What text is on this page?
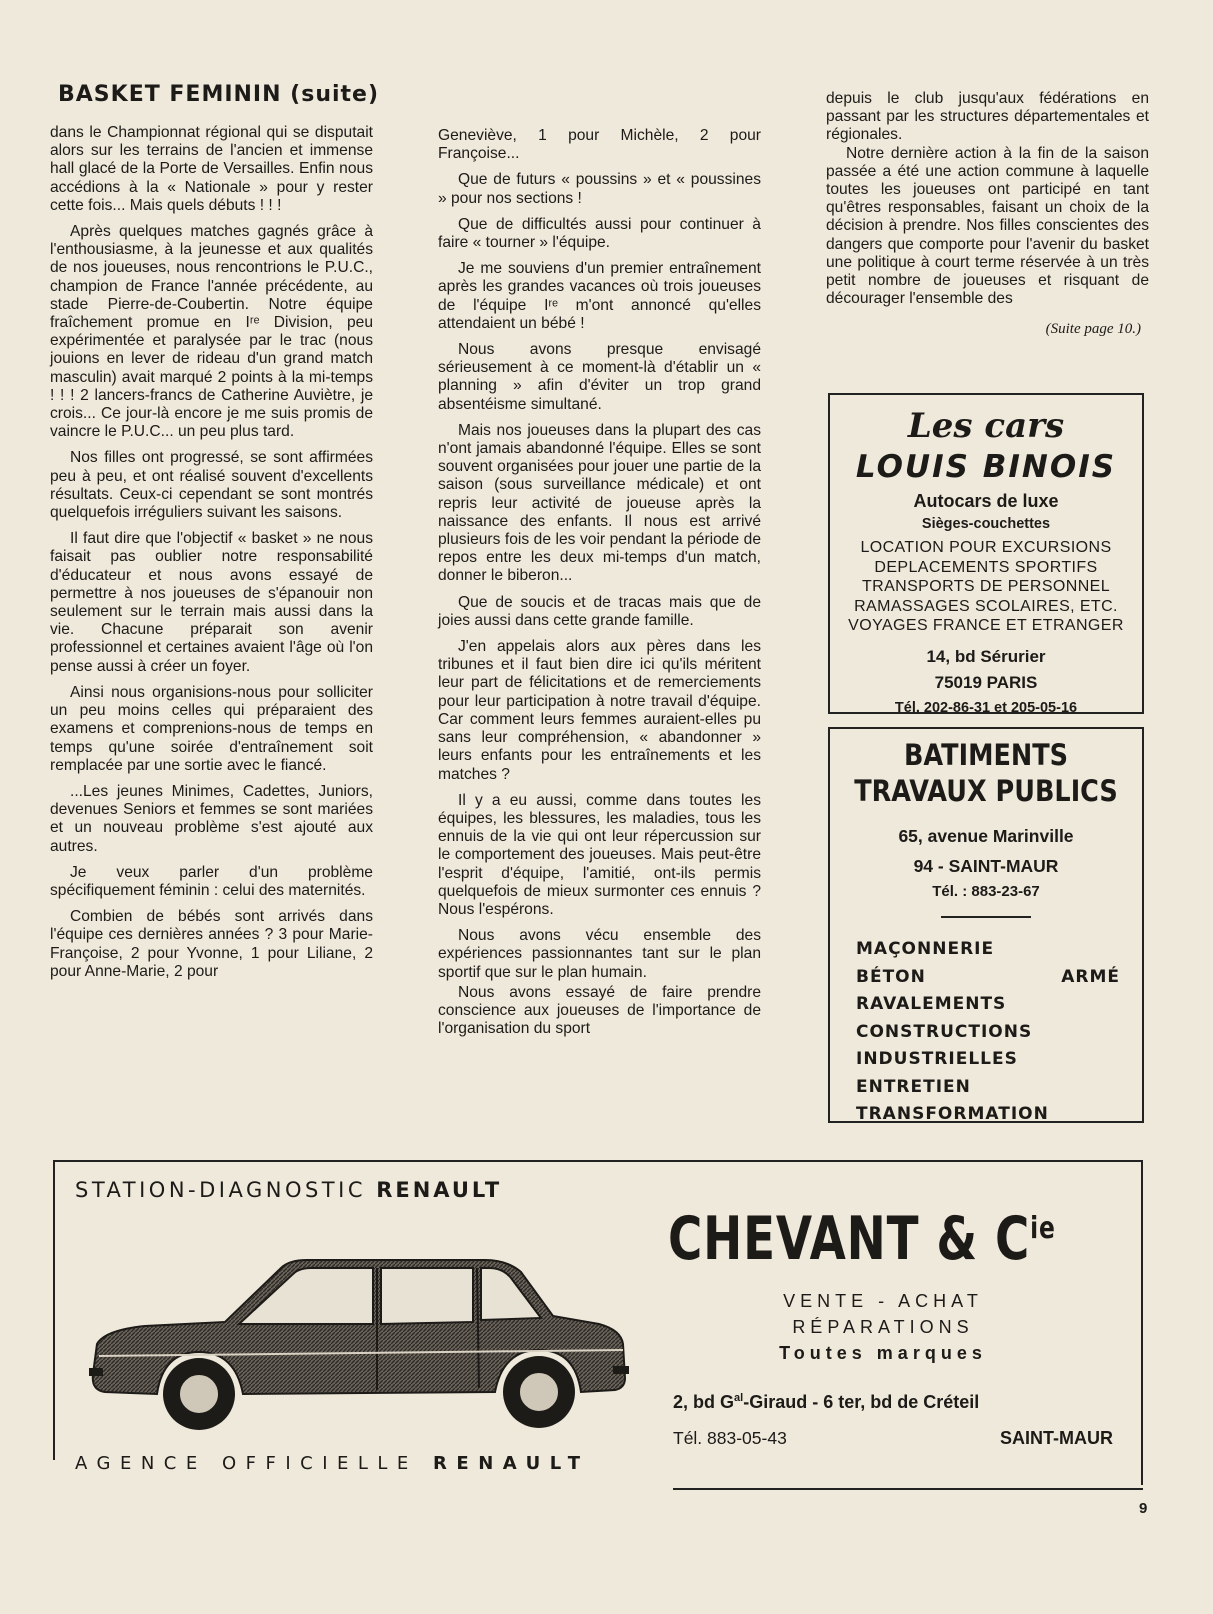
BASKET FEMININ (suite)

dans le Championnat régional qui se disputait alors sur les terrains de l'ancien et immense hall glacé de la Porte de Versailles. Enfin nous accédions à la « Nationale » pour y rester cette fois... Mais quels débuts ! ! !

Après quelques matches gagnés grâce à l'enthousiasme, à la jeunesse et aux qualités de nos joueuses, nous rencontrions le P.U.C., champion de France l'année précédente, au stade Pierre-de-Coubertin. Notre équipe fraîchement promue en Iʳᵉ Division, peu expérimentée et paralysée par le trac (nous jouions en lever de rideau d'un grand match masculin) avait marqué 2 points à la mi-temps ! ! ! 2 lancers-francs de Catherine Auviètre, je crois... Ce jour-là encore je me suis promis de vaincre le P.U.C... un peu plus tard.

Nos filles ont progressé, se sont affirmées peu à peu, et ont réalisé souvent d'excellents résultats. Ceux-ci cependant se sont montrés quelquefois irréguliers suivant les saisons.

Il faut dire que l'objectif « basket » ne nous faisait pas oublier notre responsabilité d'éducateur et nous avons essayé de permettre à nos joueuses de s'épanouir non seulement sur le terrain mais aussi dans la vie. Chacune préparait son avenir professionnel et certaines avaient l'âge où l'on pense aussi à créer un foyer.

Ainsi nous organisions-nous pour solliciter un peu moins celles qui préparaient des examens et comprenions-nous de temps en temps qu'une soirée d'entraînement soit remplacée par une sortie avec le fiancé.

...Les jeunes Minimes, Cadettes, Juniors, devenues Seniors et femmes se sont mariées et un nouveau problème s'est ajouté aux autres.

Je veux parler d'un problème spécifiquement féminin : celui des maternités.

Combien de bébés sont arrivés dans l'équipe ces dernières années ? 3 pour Marie-Françoise, 2 pour Yvonne, 1 pour Liliane, 2 pour Anne-Marie, 2 pour

Geneviève, 1 pour Michèle, 2 pour Françoise...

Que de futurs « poussins » et « poussines » pour nos sections !

Que de difficultés aussi pour continuer à faire « tourner » l'équipe.

Je me souviens d'un premier entraînement après les grandes vacances où trois joueuses de l'équipe Iʳᵉ m'ont annoncé qu'elles attendaient un bébé !

Nous avons presque envisagé sérieusement à ce moment-là d'établir un « planning » afin d'éviter un trop grand absentéisme simultané.

Mais nos joueuses dans la plupart des cas n'ont jamais abandonné l'équipe. Elles se sont souvent organisées pour jouer une partie de la saison (sous surveillance médicale) et ont repris leur activité de joueuse après la naissance des enfants. Il nous est arrivé plusieurs fois de les voir pendant la période de repos entre les deux mi-temps d'un match, donner le biberon...

Que de soucis et de tracas mais que de joies aussi dans cette grande famille.

J'en appelais alors aux pères dans les tribunes et il faut bien dire ici qu'ils méritent leur part de félicitations et de remerciements pour leur participation à notre travail d'équipe. Car comment leurs femmes auraient-elles pu sans leur compréhension, « abandonner » leurs enfants pour les entraînements et les matches ?

Il y a eu aussi, comme dans toutes les équipes, les blessures, les maladies, tous les ennuis de la vie qui ont leur répercussion sur le comportement des joueuses. Mais peut-être l'esprit d'équipe, l'amitié, ont-ils permis quelquefois de mieux surmonter ces ennuis ? Nous l'espérons.

Nous avons vécu ensemble des expériences passionnantes tant sur le plan sportif que sur le plan humain.

Nous avons essayé de faire prendre conscience aux joueuses de l'importance de l'organisation du sport

depuis le club jusqu'aux fédérations en passant par les structures départementales et régionales.

Notre dernière action à la fin de la saison passée a été une action commune à laquelle toutes les joueuses ont participé en tant qu'êtres responsables, faisant un choix de la décision à prendre. Nos filles conscientes des dangers que comporte pour l'avenir du basket une politique à court terme réservée à un très petit nombre de joueuses et risquant de décourager l'ensemble des

(Suite page 10.)
Les cars
LOUIS BINOIS
Autocars de luxe
Sièges-couchettes
LOCATION POUR EXCURSIONS
DEPLACEMENTS SPORTIFS
TRANSPORTS DE PERSONNEL
RAMASSAGES SCOLAIRES, ETC.
VOYAGES FRANCE ET ETRANGER
14, bd Sérurier
75019 PARIS
Tél. 202-86-31 et 205-05-16
BATIMENTS
TRAVAUX PUBLICS
65, avenue Marinville
94 - SAINT-MAUR
Tél. : 883-23-67
MAÇONNERIE
BÉTON ARMÉ
RAVALEMENTS
CONSTRUCTIONS
INDUSTRIELLES
ENTRETIEN
TRANSFORMATION
STATION-DIAGNOSTIC RENAULT
AGENCE OFFICIELLE RENAULT
CHEVANT & $C^{ie}$
VENTE - ACHAT
RÉPARATIONS
Toutes marques
2, bd $G^{al}$-Giraud - 6 ter, bd de Créteil
Tél. 883-05-43	SAINT-MAUR
9
